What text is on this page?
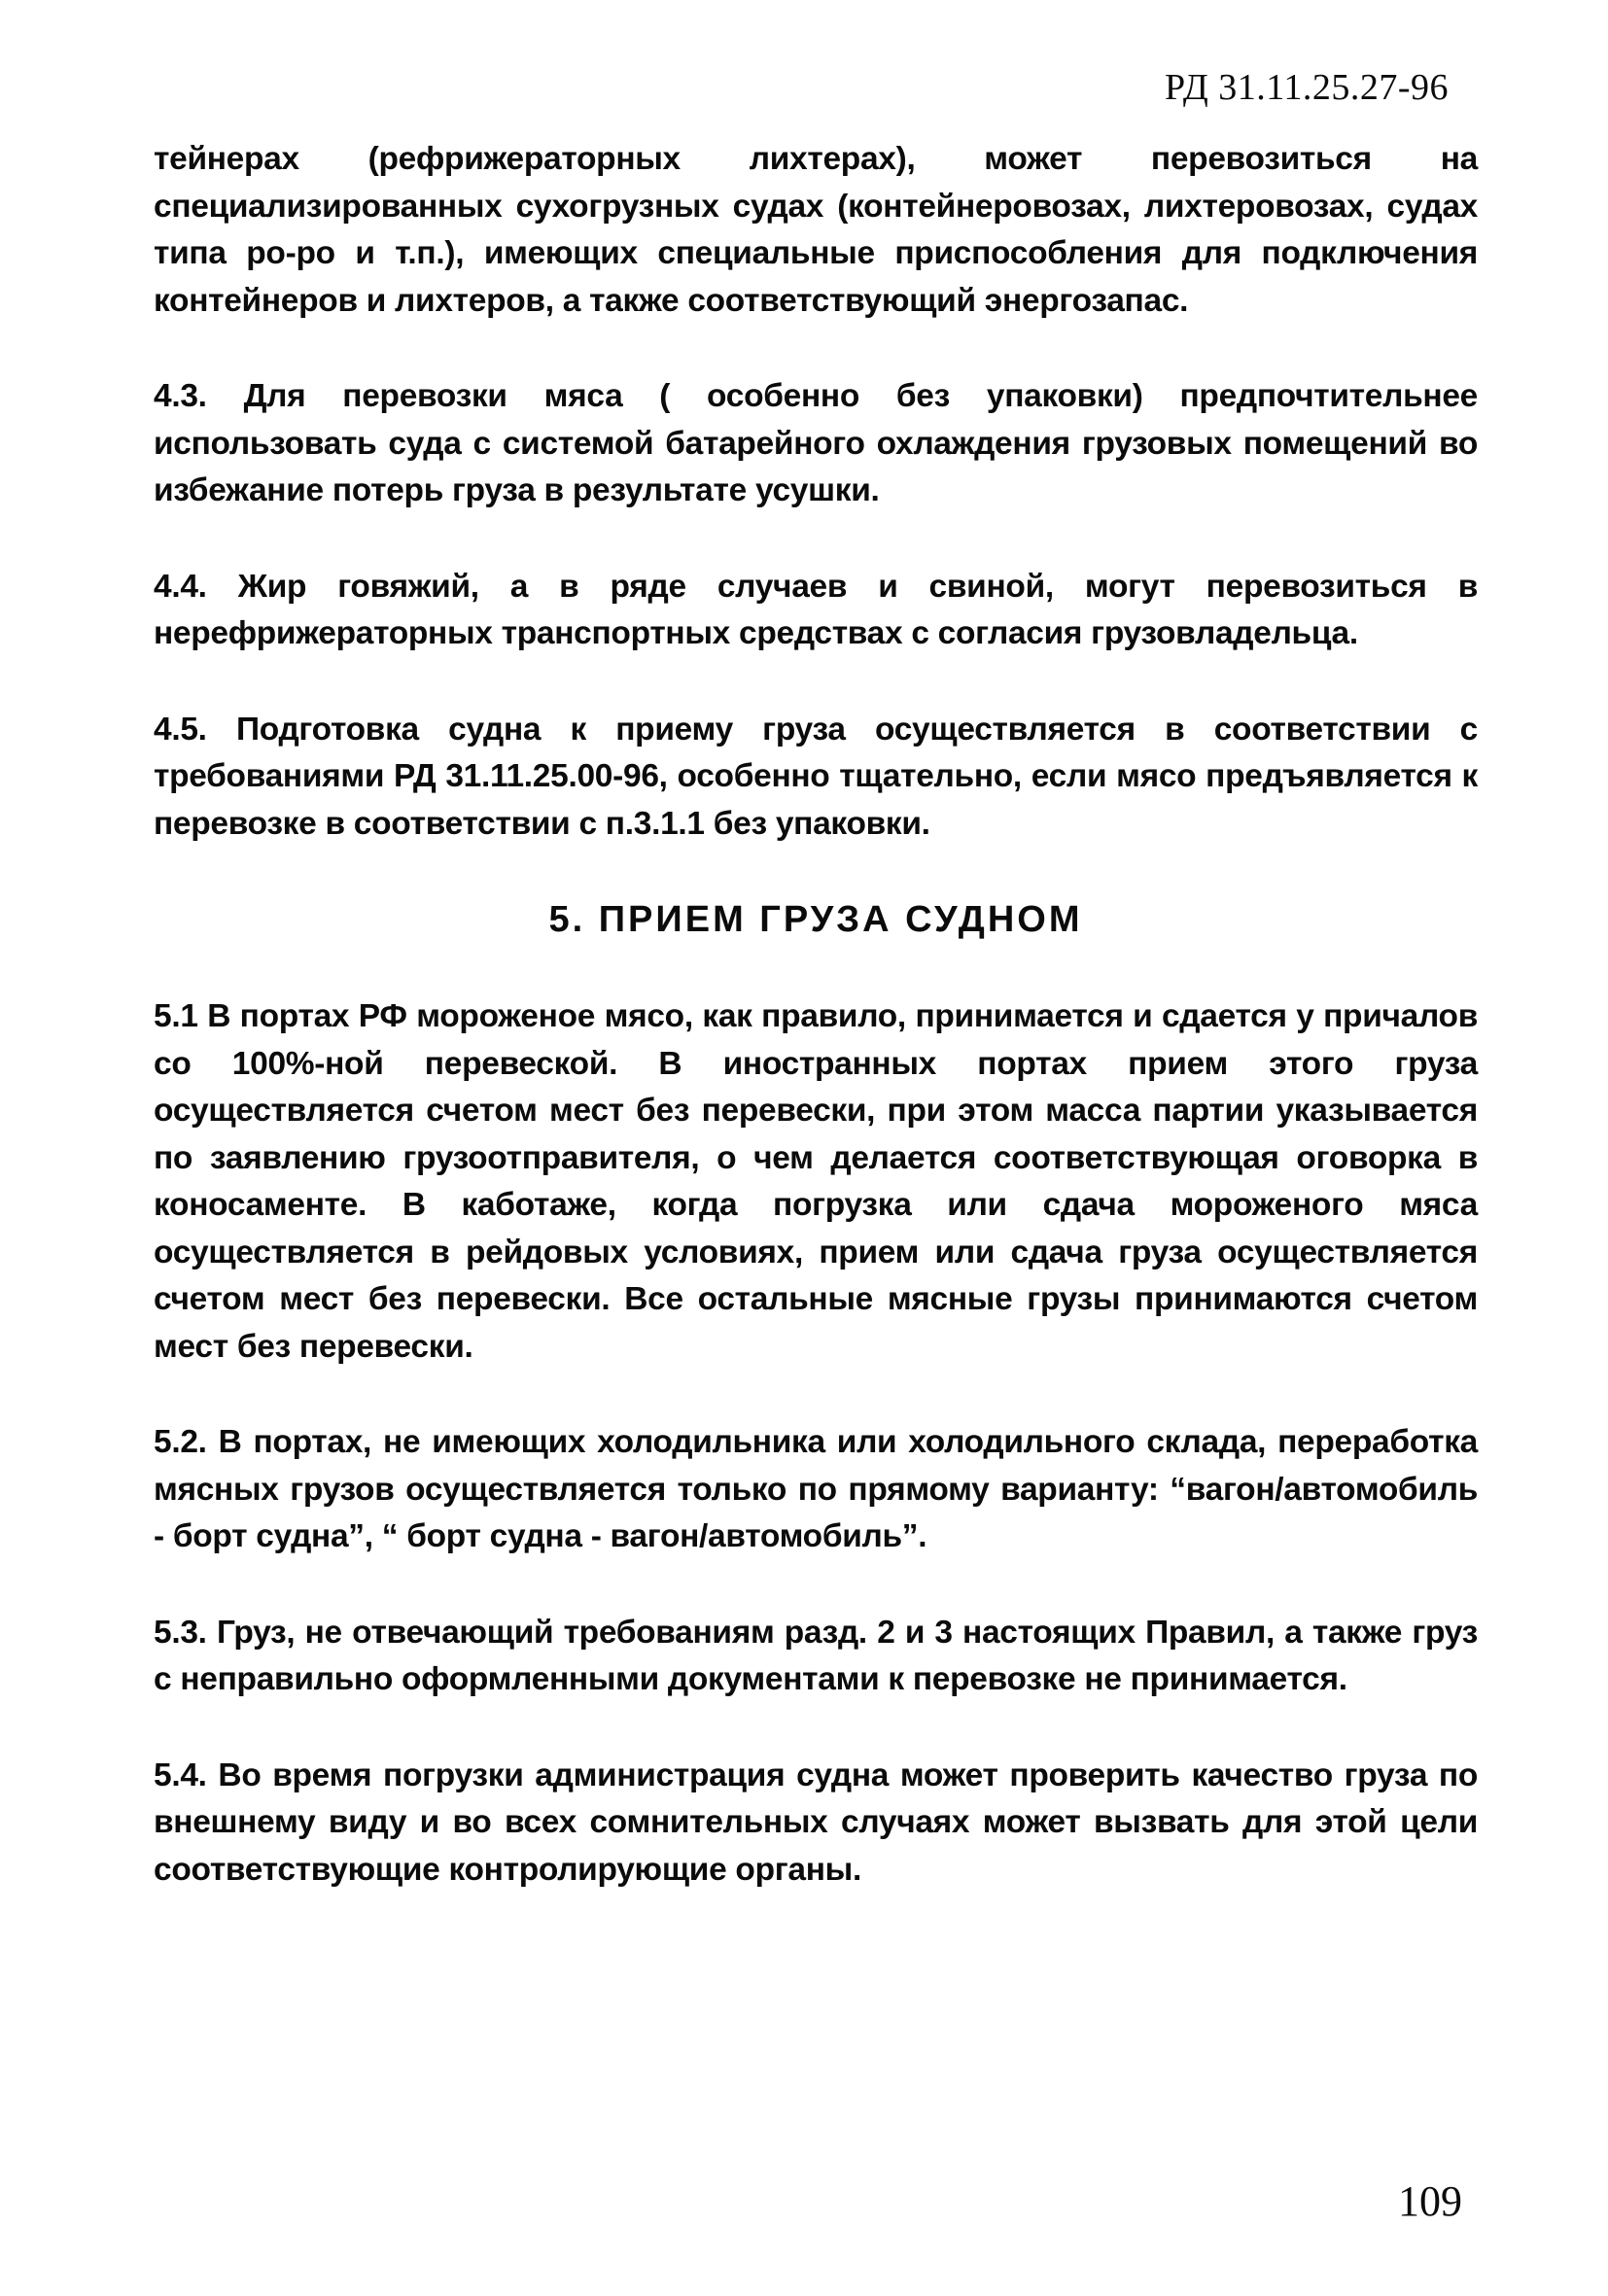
РД 31.11.25.27-96

тейнерах (рефрижераторных лихтерах), может перевозиться на специализированных сухогрузных судах (контейнеровозах, лихтеровозах, судах типа ро-ро и т.п.), имеющих специальные приспособления для подключения контейнеров и лихтеров, а также соответствующий энергозапас.

4.3. Для перевозки мяса ( особенно без упаковки) предпочтительнее использовать суда с системой батарейного охлаждения грузовых помещений во избежание потерь груза в результате усушки.

4.4. Жир говяжий, а в ряде случаев и свиной, могут перевозиться в нерефрижераторных транспортных средствах с согласия грузовладельца.

4.5. Подготовка судна к приему груза осуществляется в соответствии с требованиями РД 31.11.25.00-96, особенно тщательно, если мясо предъявляется к перевозке в соответствии с п.3.1.1 без упаковки.

5. ПРИЕМ ГРУЗА СУДНОМ

5.1 В портах РФ мороженое мясо, как правило, принимается и сдается у причалов со 100%-ной перевеской. В иностранных портах прием этого груза осуществляется счетом мест без перевески, при этом масса партии указывается по заявлению грузоотправителя, о чем делается соответствующая оговорка в коносаменте. В каботаже, когда погрузка или сдача мороженого мяса осуществляется в рейдовых условиях, прием или сдача груза осуществляется счетом мест без перевески. Все остальные мясные грузы принимаются счетом мест без перевески.

5.2. В портах, не имеющих холодильника или холодильного склада, переработка мясных грузов осуществляется только по прямому варианту: “вагон/автомобиль - борт судна”, “ борт судна - вагон/автомобиль”.

5.3. Груз, не отвечающий требованиям разд. 2 и 3 настоящих Правил, а также груз с неправильно оформленными документами к перевозке не принимается.

5.4. Во время погрузки администрация судна может проверить качество груза по внешнему виду и во всех сомнительных случаях может вызвать для этой цели соответствующие контролирующие органы.

109
